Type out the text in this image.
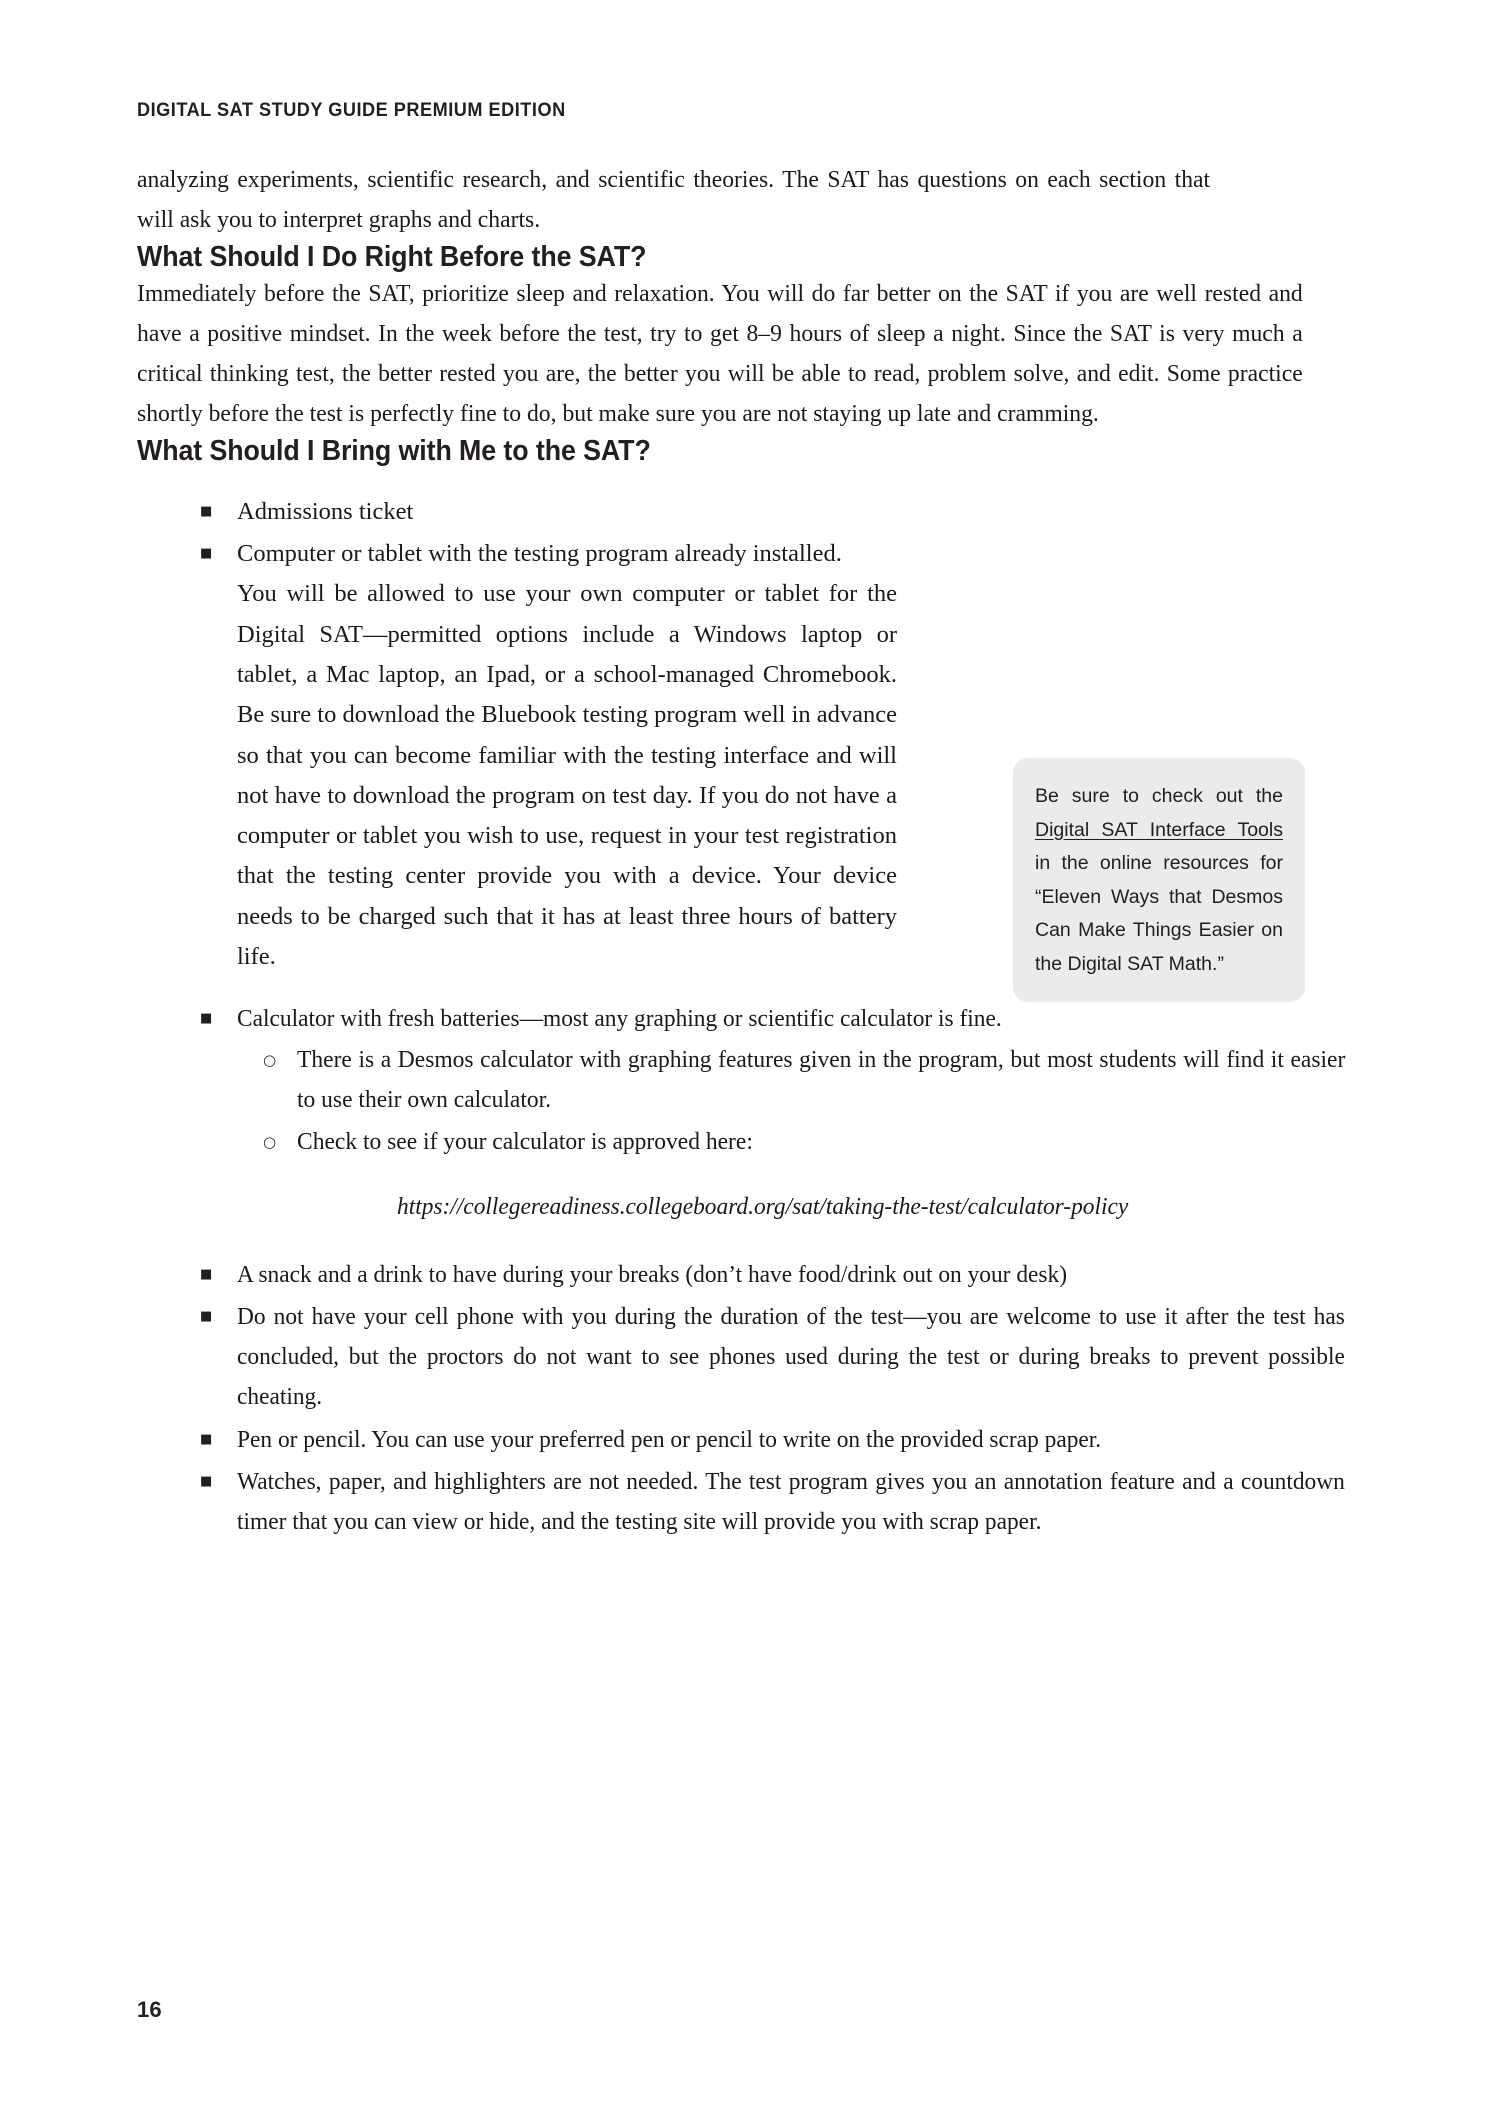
DIGITAL SAT STUDY GUIDE PREMIUM EDITION

analyzing experiments, scientific research, and scientific theories. The SAT has questions on each section that will ask you to interpret graphs and charts.

What Should I Do Right Before the SAT?

Immediately before the SAT, prioritize sleep and relaxation. You will do far better on the SAT if you are well rested and have a positive mindset. In the week before the test, try to get 8–9 hours of sleep a night. Since the SAT is very much a critical thinking test, the better rested you are, the better you will be able to read, problem solve, and edit. Some practice shortly before the test is perfectly fine to do, but make sure you are not staying up late and cramming.

What Should I Bring with Me to the SAT?
■ Admissions ticket
■ Computer or tablet with the testing program already installed.
You will be allowed to use your own computer or tablet for the Digital SAT—permitted options include a Windows laptop or tablet, a Mac laptop, an Ipad, or a school-managed Chromebook. Be sure to download the Bluebook testing program well in advance so that you can become familiar with the testing interface and will not have to download the program on test day. If you do not have a computer or tablet you wish to use, request in your test registration that the testing center provide you with a device. Your device needs to be charged such that it has at least three hours of battery life.
■ Calculator with fresh batteries—most any graphing or scientific calculator is fine.
○ There is a Desmos calculator with graphing features given in the program, but most students will find it easier to use their own calculator.
○ Check to see if your calculator is approved here:

https://collegereadiness.collegeboard.org/sat/taking-the-test/calculator-policy

■ A snack and a drink to have during your breaks (don’t have food/drink out on your desk)
■ Do not have your cell phone with you during the duration of the test—you are welcome to use it after the test has concluded, but the proctors do not want to see phones used during the test or during breaks to prevent possible cheating.
■ Pen or pencil. You can use your preferred pen or pencil to write on the provided scrap paper.
■ Watches, paper, and highlighters are not needed. The test program gives you an annotation feature and a countdown timer that you can view or hide, and the testing site will provide you with scrap paper.
Be sure to check out the Digital SAT Interface Tools in the online resources for “Eleven Ways that Desmos Can Make Things Easier on the Digital SAT Math.”
16
